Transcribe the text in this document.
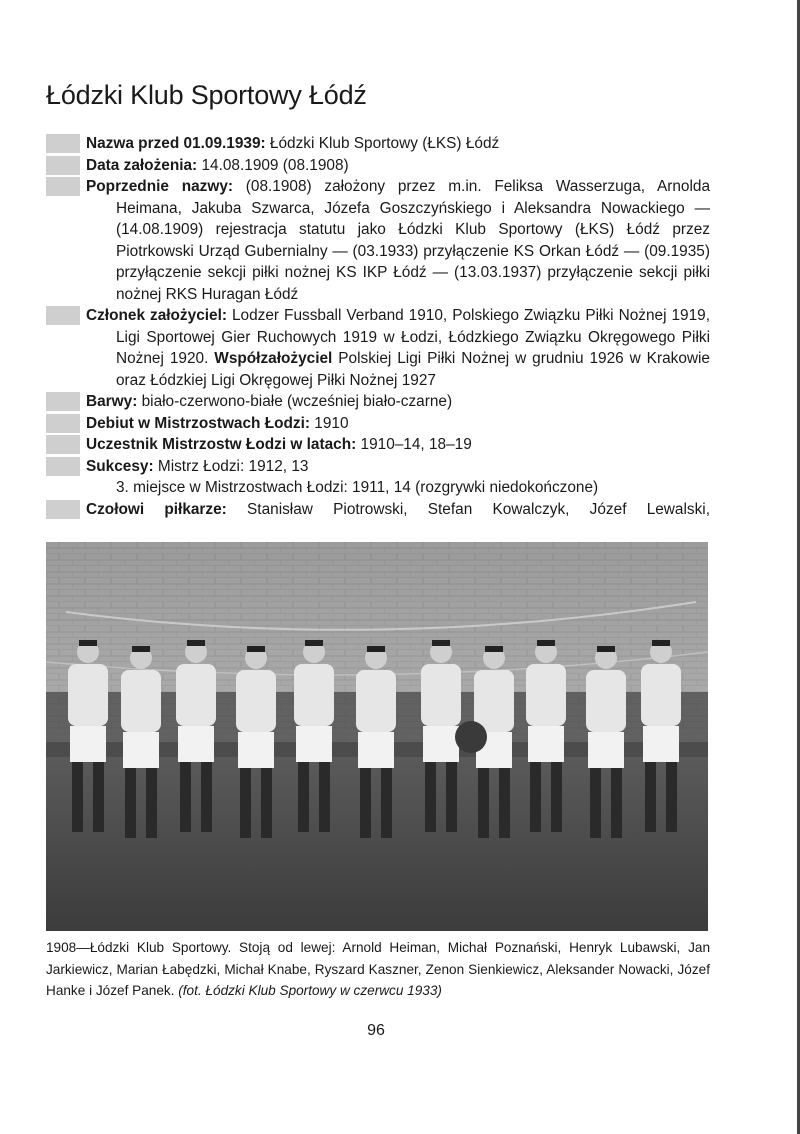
Łódzki Klub Sportowy Łódź
Nazwa przed 01.09.1939: Łódzki Klub Sportowy (ŁKS) Łódź
Data założenia: 14.08.1909 (08.1908)
Poprzednie nazwy: (08.1908) założony przez m.in. Feliksa Wasserzuga, Arnolda Heimana, Jakuba Szwarca, Józefa Goszczyńskiego i Aleksandra Nowackiego — (14.08.1909) rejestracja statutu jako Łódzki Klub Sportowy (ŁKS) Łódź przez Piotrkowski Urząd Gubernialny — (03.1933) przyłączenie KS Orkan Łódź — (09.1935) przyłączenie sekcji piłki nożnej KS IKP Łódź — (13.03.1937) przyłączenie sekcji piłki nożnej RKS Huragan Łódź
Członek założyciel: Lodzer Fussball Verband 1910, Polskiego Związku Piłki Nożnej 1919, Ligi Sportowej Gier Ruchowych 1919 w Łodzi, Łódzkiego Związku Okręgowego Piłki Nożnej 1920. Współzałożyciel Polskiej Ligi Piłki Nożnej w grudniu 1926 w Krakowie oraz Łódzkiej Ligi Okręgowej Piłki Nożnej 1927
Barwy: biało-czerwono-białe (wcześniej biało-czarne)
Debiut w Mistrzostwach Łodzi: 1910
Uczestnik Mistrzostw Łodzi w latach: 1910–14, 18–19
Sukcesy: Mistrz Łodzi: 1912, 13
3. miejsce w Mistrzostwach Łodzi: 1911, 14 (rozgrywki niedokończone)
Czołowi piłkarze: Stanisław Piotrowski, Stefan Kowalczyk, Józef Lewalski,

1908—Łódzki Klub Sportowy. Stoją od lewej: Arnold Heiman, Michał Poznański, Henryk Lubawski, Jan Jarkiewicz, Marian Łabędzki, Michał Knabe, Ryszard Kaszner, Zenon Sienkiewicz, Aleksander Nowacki, Józef Hanke i Józef Panek. (fot. Łódzki Klub Sportowy w czerwcu 1933)

96
